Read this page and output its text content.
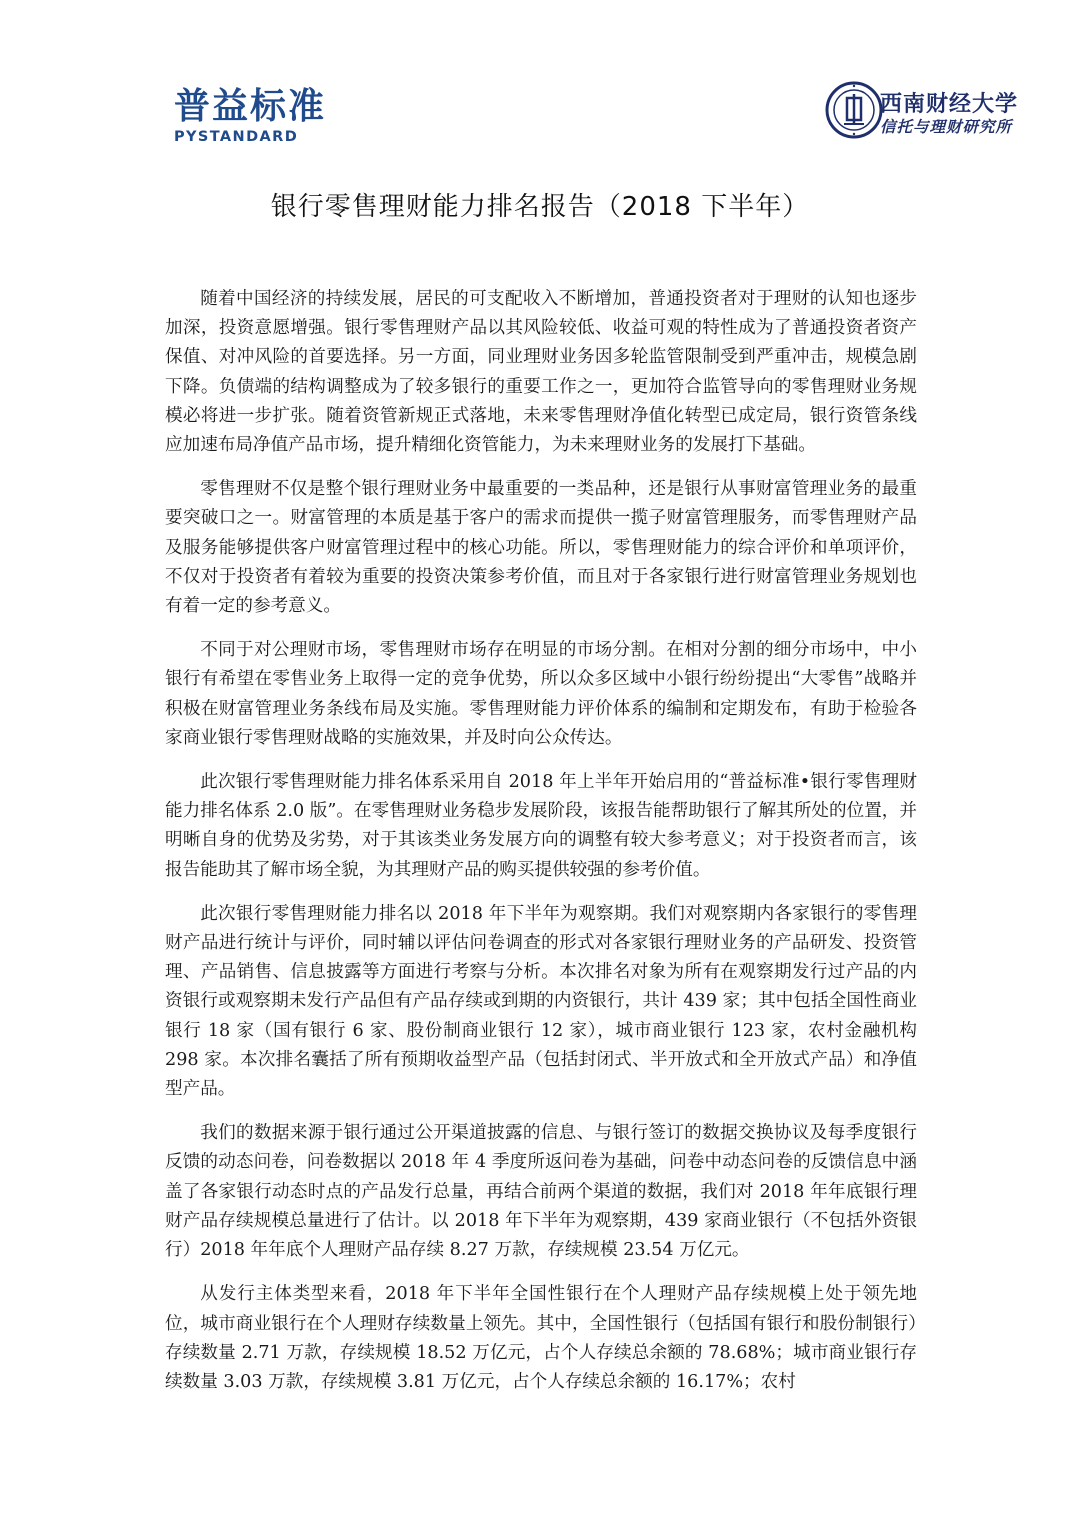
普益标准
PYSTANDARD
西南财经大学
信托与理财研究所
银行零售理财能力排名报告（2018 下半年）

随着中国经济的持续发展，居民的可支配收入不断增加，普通投资者对于理财的认知也逐步加深，投资意愿增强。银行零售理财产品以其风险较低、收益可观的特性成为了普通投资者资产保值、对冲风险的首要选择。另一方面，同业理财业务因多轮监管限制受到严重冲击，规模急剧下降。负债端的结构调整成为了较多银行的重要工作之一，更加符合监管导向的零售理财业务规模必将进一步扩张。随着资管新规正式落地，未来零售理财净值化转型已成定局，银行资管条线应加速布局净值产品市场，提升精细化资管能力，为未来理财业务的发展打下基础。

零售理财不仅是整个银行理财业务中最重要的一类品种，还是银行从事财富管理业务的最重要突破口之一。财富管理的本质是基于客户的需求而提供一揽子财富管理服务，而零售理财产品及服务能够提供客户财富管理过程中的核心功能。所以，零售理财能力的综合评价和单项评价，不仅对于投资者有着较为重要的投资决策参考价值，而且对于各家银行进行财富管理业务规划也有着一定的参考意义。

不同于对公理财市场，零售理财市场存在明显的市场分割。在相对分割的细分市场中，中小银行有希望在零售业务上取得一定的竞争优势，所以众多区域中小银行纷纷提出“大零售”战略并积极在财富管理业务条线布局及实施。零售理财能力评价体系的编制和定期发布，有助于检验各家商业银行零售理财战略的实施效果，并及时向公众传达。

此次银行零售理财能力排名体系采用自 2018 年上半年开始启用的“普益标准•银行零售理财能力排名体系 2.0 版”。在零售理财业务稳步发展阶段，该报告能帮助银行了解其所处的位置，并明晰自身的优势及劣势，对于其该类业务发展方向的调整有较大参考意义；对于投资者而言，该报告能助其了解市场全貌，为其理财产品的购买提供较强的参考价值。

此次银行零售理财能力排名以 2018 年下半年为观察期。我们对观察期内各家银行的零售理财产品进行统计与评价，同时辅以评估问卷调查的形式对各家银行理财业务的产品研发、投资管理、产品销售、信息披露等方面进行考察与分析。本次排名对象为所有在观察期发行过产品的内资银行或观察期未发行产品但有产品存续或到期的内资银行，共计 439 家；其中包括全国性商业银行 18 家（国有银行 6 家、股份制商业银行 12 家），城市商业银行 123 家，农村金融机构 298 家。本次排名囊括了所有预期收益型产品（包括封闭式、半开放式和全开放式产品）和净值型产品。

我们的数据来源于银行通过公开渠道披露的信息、与银行签订的数据交换协议及每季度银行反馈的动态问卷，问卷数据以 2018 年 4 季度所返问卷为基础，问卷中动态问卷的反馈信息中涵盖了各家银行动态时点的产品发行总量，再结合前两个渠道的数据，我们对 2018 年年底银行理财产品存续规模总量进行了估计。以 2018 年下半年为观察期，439 家商业银行（不包括外资银行）2018 年年底个人理财产品存续 8.27 万款，存续规模 23.54 万亿元。

从发行主体类型来看，2018 年下半年全国性银行在个人理财产品存续规模上处于领先地位，城市商业银行在个人理财存续数量上领先。其中，全国性银行（包括国有银行和股份制银行）存续数量 2.71 万款，存续规模 18.52 万亿元，占个人存续总余额的 78.68%；城市商业银行存续数量 3.03 万款，存续规模 3.81 万亿元，占个人存续总余额的 16.17%；农村
